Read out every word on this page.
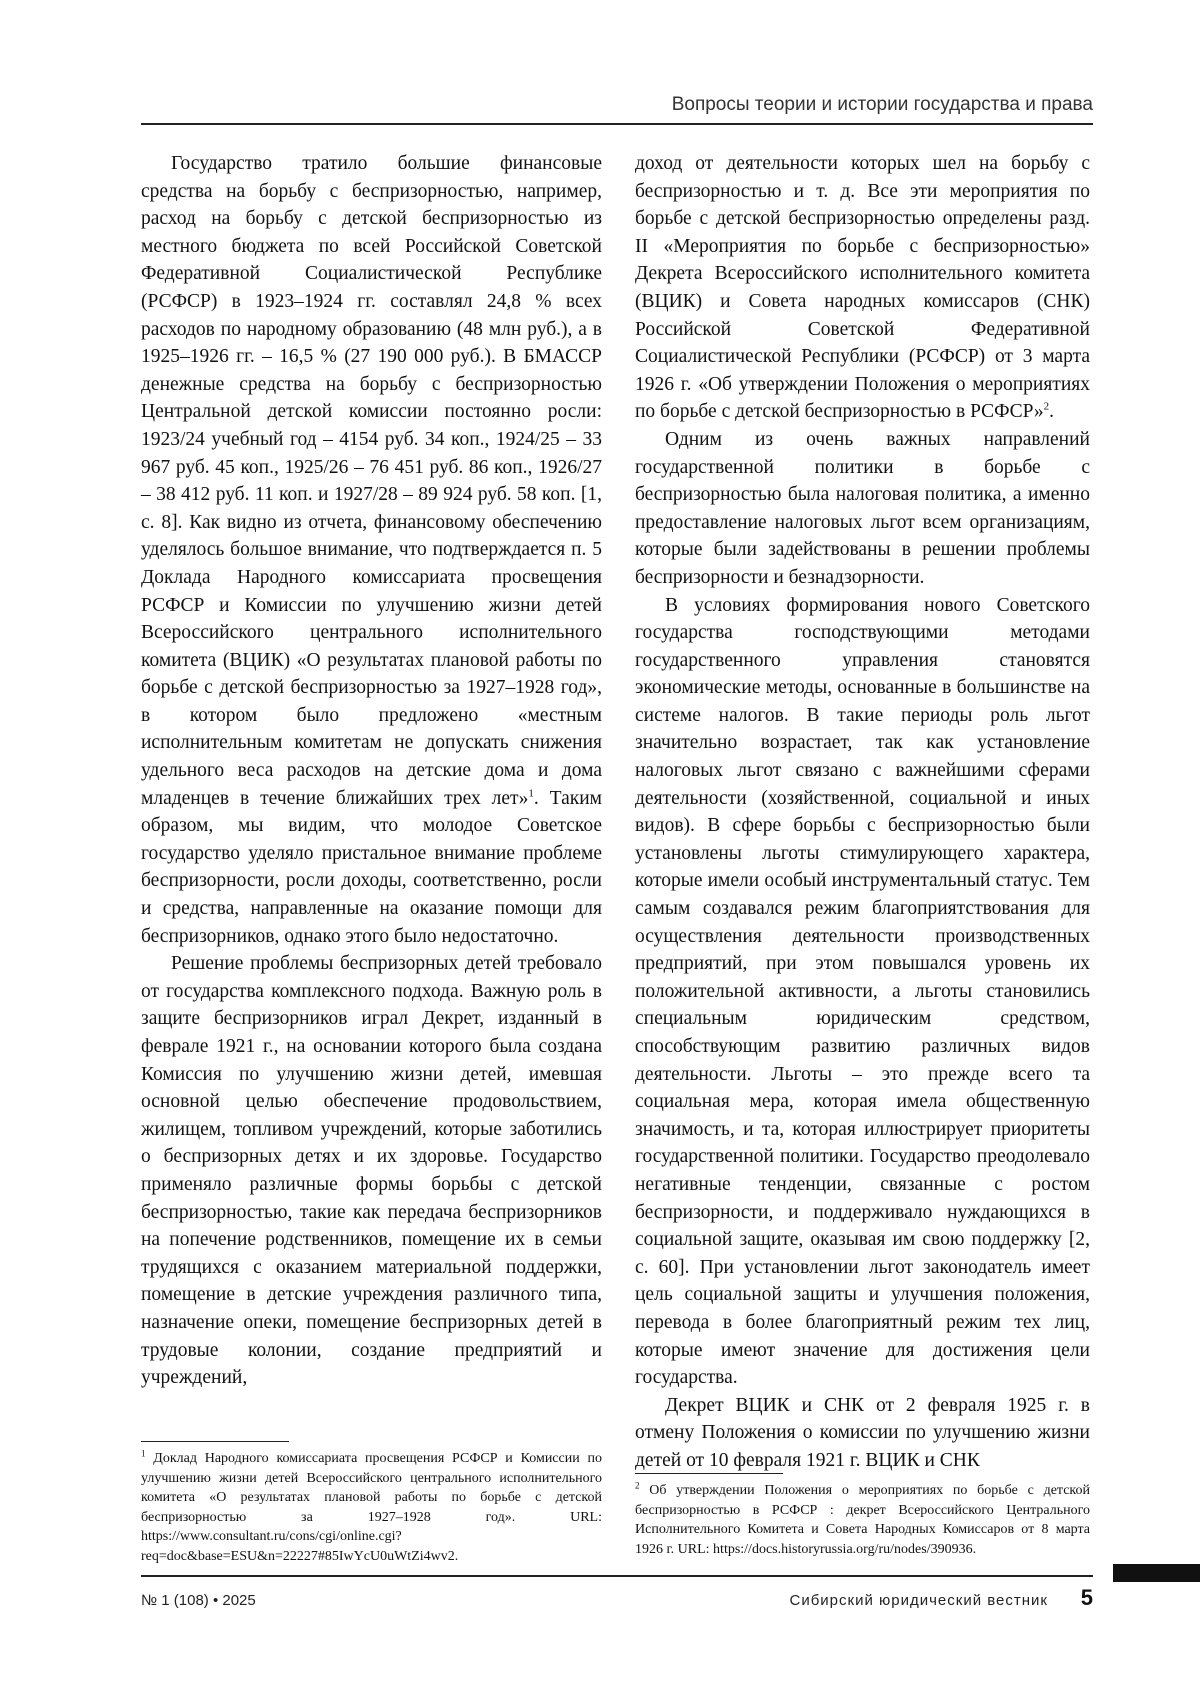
Вопросы теории и истории государства и права

Государство тратило большие финансовые средства на борьбу с беспризорностью, например, расход на борьбу с детской беспризорностью из местного бюджета по всей Российской Советской Федеративной Социалистической Республике (РСФСР) в 1923–1924 гг. составлял 24,8 % всех расходов по народному образованию (48 млн руб.), а в 1925–1926 гг. – 16,5 % (27 190 000 руб.). В БМАССР денежные средства на борьбу с беспризорностью Центральной детской комиссии постоянно росли: 1923/24 учебный год – 4154 руб. 34 коп., 1924/25 – 33 967 руб. 45 коп., 1925/26 – 76 451 руб. 86 коп., 1926/27 – 38 412 руб. 11 коп. и 1927/28 – 89 924 руб. 58 коп. [1, с. 8]. Как видно из отчета, финансовому обеспечению уделялось большое внимание, что подтверждается п. 5 Доклада Народного комиссариата просвещения РСФСР и Комиссии по улучшению жизни детей Всероссийского центрального исполнительного комитета (ВЦИК) «О результатах плановой работы по борьбе с детской беспризорностью за 1927–1928 год», в котором было предложено «местным исполнительным комитетам не допускать снижения удельного веса расходов на детские дома и дома младенцев в течение ближайших трех лет»$^1$. Таким образом, мы видим, что молодое Советское государство уделяло пристальное внимание проблеме беспризорности, росли доходы, соответственно, росли и средства, направленные на оказание помощи для беспризорников, однако этого было недостаточно.

Решение проблемы беспризорных детей требовало от государства комплексного подхода. Важную роль в защите беспризорников играл Декрет, изданный в феврале 1921 г., на основании которого была создана Комиссия по улучшению жизни детей, имевшая основной целью обеспечение продовольствием, жилищем, топливом учреждений, которые заботились о беспризорных детях и их здоровье. Государство применяло различные формы борьбы с детской беспризорностью, такие как передача беспризорников на попечение родственников, помещение их в семьи трудящихся с оказанием материальной поддержки, помещение в детские учреждения различного типа, назначение опеки, помещение беспризорных детей в трудовые колонии, создание предприятий и учреждений,

доход от деятельности которых шел на борьбу с беспризорностью и т. д. Все эти мероприятия по борьбе с детской беспризорностью определены разд. II «Мероприятия по борьбе с беспризорностью» Декрета Всероссийского исполнительного комитета (ВЦИК) и Совета народных комиссаров (СНК) Российской Советской Федеративной Социалистической Республики (РСФСР) от 3 марта 1926 г. «Об утверждении Положения о мероприятиях по борьбе с детской беспризорностью в РСФСР»$^2$.

Одним из очень важных направлений государственной политики в борьбе с беспризорностью была налоговая политика, а именно предоставление налоговых льгот всем организациям, которые были задействованы в решении проблемы беспризорности и безнадзорности.

В условиях формирования нового Советского государства господствующими методами государственного управления становятся экономические методы, основанные в большинстве на системе налогов. В такие периоды роль льгот значительно возрастает, так как установление налоговых льгот связано с важнейшими сферами деятельности (хозяйственной, социальной и иных видов). В сфере борьбы с беспризорностью были установлены льготы стимулирующего характера, которые имели особый инструментальный статус. Тем самым создавался режим благоприятствования для осуществления деятельности производственных предприятий, при этом повышался уровень их положительной активности, а льготы становились специальным юридическим средством, способствующим развитию различных видов деятельности. Льготы – это прежде всего та социальная мера, которая имела общественную значимость, и та, которая иллюстрирует приоритеты государственной политики. Государство преодолевало негативные тенденции, связанные с ростом беспризорности, и поддерживало нуждающихся в социальной защите, оказывая им свою поддержку [2, с. 60]. При установлении льгот законодатель имеет цель социальной защиты и улучшения положения, перевода в более благоприятный режим тех лиц, которые имеют значение для достижения цели государства.

Декрет ВЦИК и СНК от 2 февраля 1925 г. в отмену Положения о комиссии по улучшению жизни детей от 10 февраля 1921 г. ВЦИК и СНК

$^1$ Доклад Народного комиссариата просвещения РСФСР и Комиссии по улучшению жизни детей Всероссийского центрального исполнительного комитета «О результатах плановой работы по борьбе с детской беспризорностью за 1927–1928 год». URL: https://www.consultant.ru/cons/cgi/online.cgi?req=doc&base=ESU&n=22227#85IwYcU0uWtZi4wv2.
$^2$ Об утверждении Положения о мероприятиях по борьбе с детской беспризорностью в РСФСР : декрет Всероссийского Центрального Исполнительного Комитета и Совета Народных Комиссаров от 8 марта 1926 г. URL: https://docs.historyrussia.org/ru/nodes/390936.
№ 1 (108) • 2025	Сибирский юридический вестник 5
